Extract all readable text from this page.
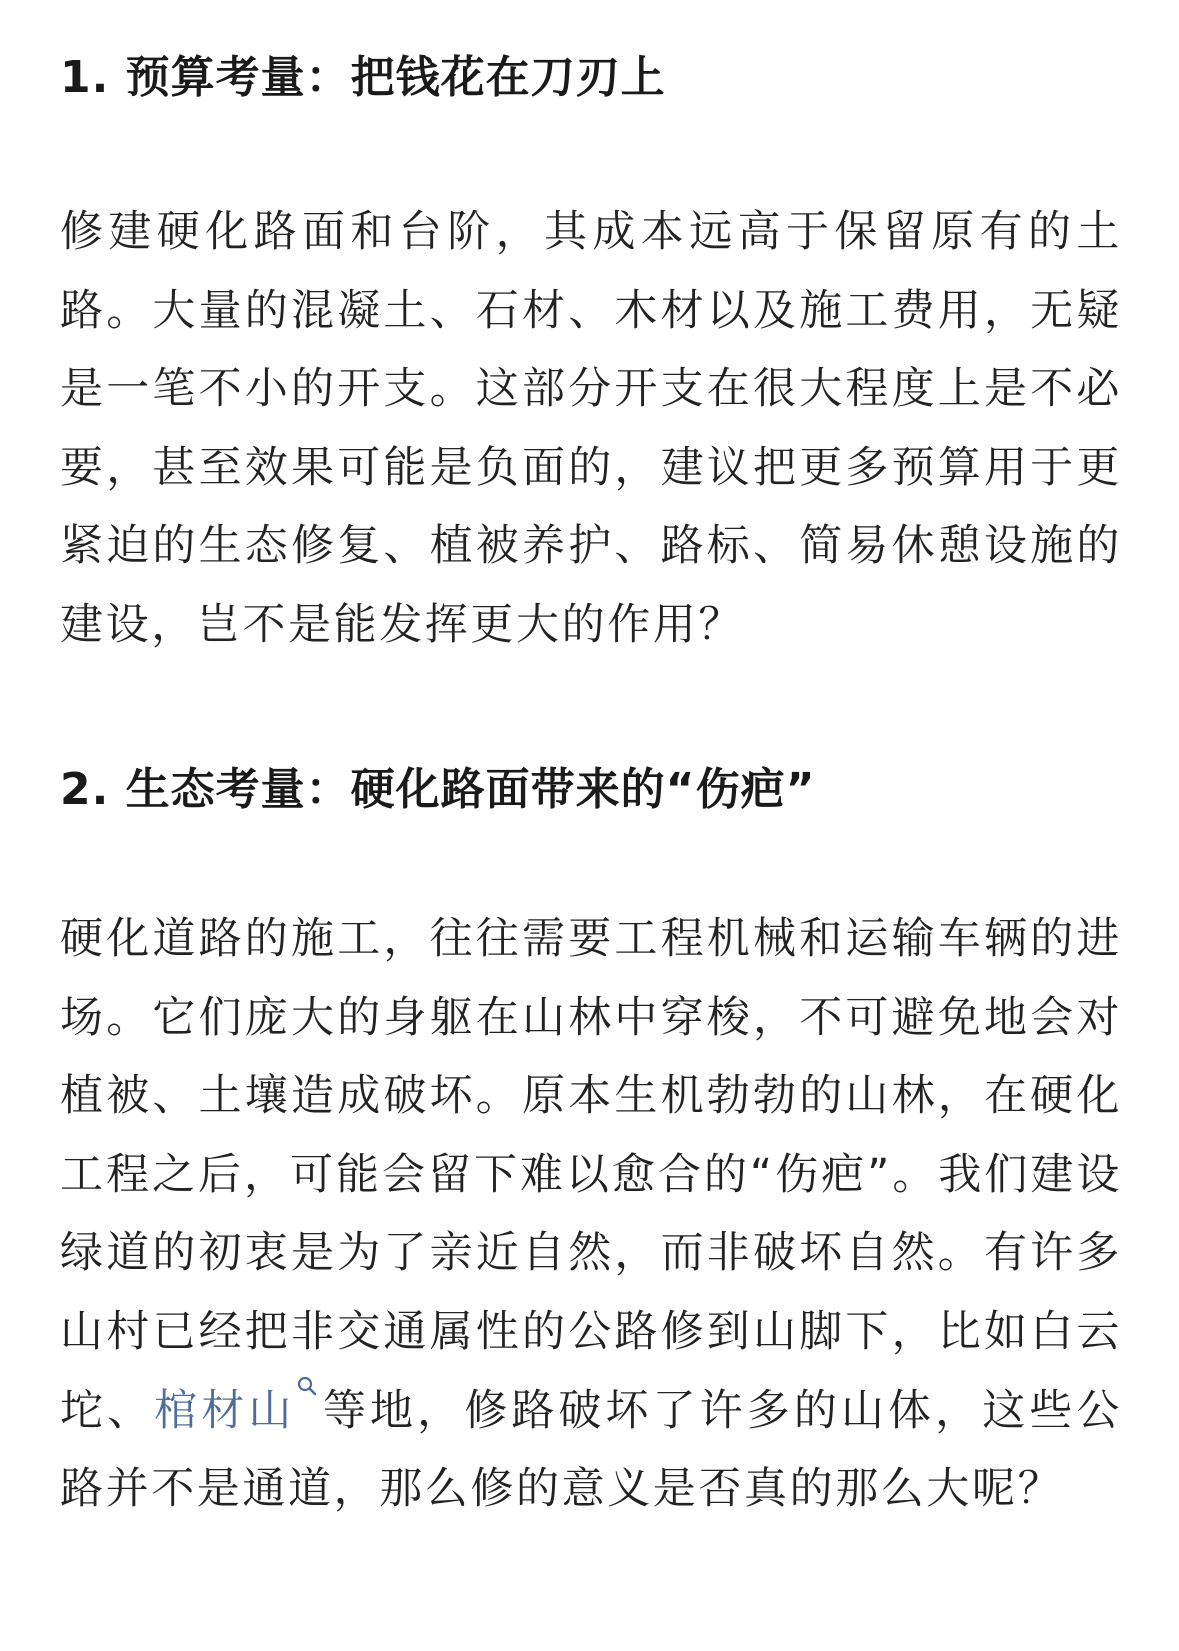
1. 预算考量：把钱花在刀刃上

修建硬化路面和台阶，其成本远高于保留原有的土路。大量的混凝土、石材、木材以及施工费用，无疑是一笔不小的开支。这部分开支在很大程度上是不必要，甚至效果可能是负面的，建议把更多预算用于更紧迫的生态修复、植被养护、路标、简易休憩设施的建设，岂不是能发挥更大的作用？

2. 生态考量：硬化路面带来的“伤疤”

硬化道路的施工，往往需要工程机械和运输车辆的进场。它们庞大的身躯在山林中穿梭，不可避免地会对植被、土壤造成破坏。原本生机勃勃的山林，在硬化工程之后，可能会留下难以愈合的“伤疤”。我们建设绿道的初衷是为了亲近自然，而非破坏自然。有许多山村已经把非交通属性的公路修到山脚下，比如白云坨、棺材山 等地，修路破坏了许多的山体，这些公路并不是通道，那么修的意义是否真的那么大呢？
